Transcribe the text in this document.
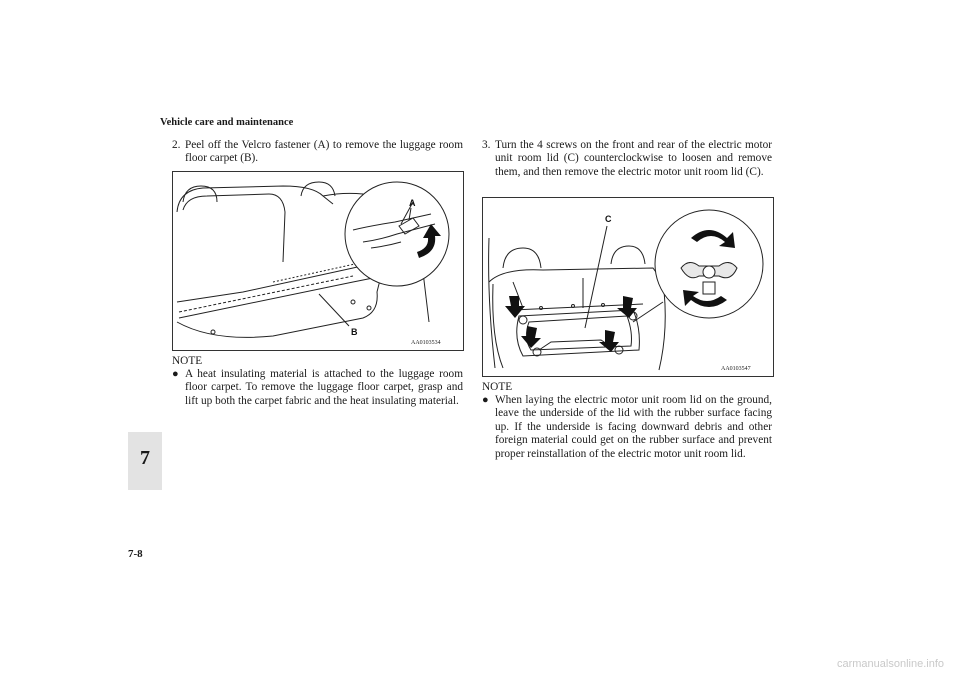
Vehicle care and maintenance
7
7-8
2. Peel off the Velcro fastener (A) to remove the luggage room floor carpet (B).
A
B
AA0103534
NOTE
● A heat insulating material is attached to the luggage room floor carpet. To remove the luggage floor carpet, grasp and lift up both the carpet fabric and the heat insulating material.
3. Turn the 4 screws on the front and rear of the electric motor unit room lid (C) counterclockwise to loosen and remove them, and then remove the electric motor unit room lid (C).
C
AA0103547
NOTE
● When laying the electric motor unit room lid on the ground, leave the underside of the lid with the rubber surface facing up. If the underside is facing downward debris and other foreign material could get on the rubber surface and prevent proper reinstallation of the electric motor unit room lid.
carmanualsonline.info
